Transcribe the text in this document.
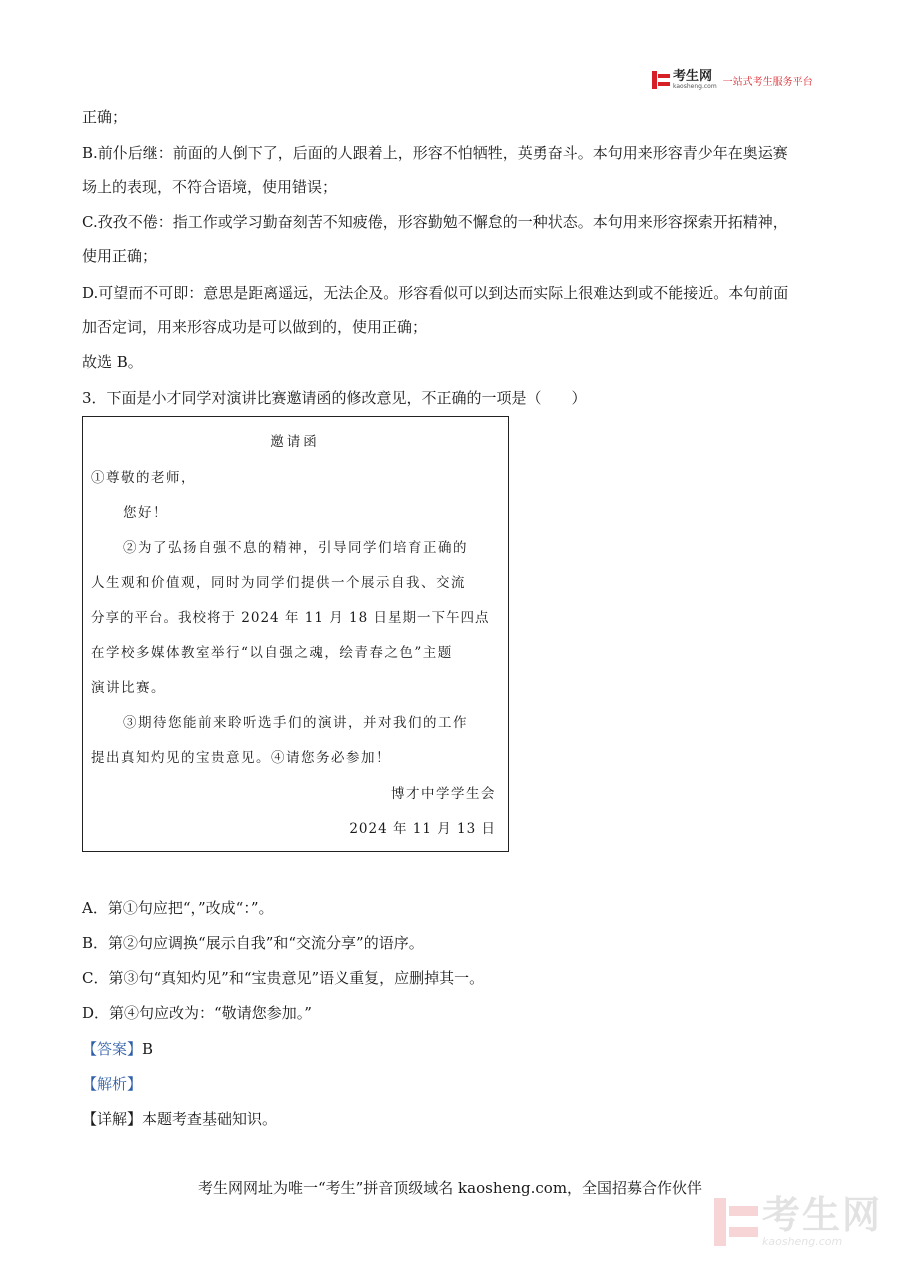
考生网
kaosheng.com 一站式考生服务平台
正确；
B.前仆后继：前面的人倒下了，后面的人跟着上，形容不怕牺牲，英勇奋斗。本句用来形容青少年在奥运赛
场上的表现，不符合语境，使用错误；
C.孜孜不倦：指工作或学习勤奋刻苦不知疲倦，形容勤勉不懈怠的一种状态。本句用来形容探索开拓精神，
使用正确；
D.可望而不可即：意思是距离遥远，无法企及。形容看似可以到达而实际上很难达到或不能接近。本句前面
加否定词，用来形容成功是可以做到的，使用正确；
故选 B。
3．下面是小才同学对演讲比赛邀请函的修改意见，不正确的一项是（　　）
邀请函
①尊敬的老师，
您好！
②为了弘扬自强不息的精神，引导同学们培育正确的
人生观和价值观，同时为同学们提供一个展示自我、交流
分享的平台。我校将于 2024 年 11 月 18 日星期一下午四点
在学校多媒体教室举行“以自强之魂，绘青春之色”主题
演讲比赛。
③期待您能前来聆听选手们的演讲，并对我们的工作
提出真知灼见的宝贵意见。④请您务必参加！
博才中学学生会
2024 年 11 月 13 日
A．第①句应把“，”改成“：”。
B．第②句应调换“展示自我”和“交流分享”的语序。
C．第③句“真知灼见”和“宝贵意见”语义重复，应删掉其一。
D．第④句应改为：“敬请您参加。”
【答案】B
【解析】
【详解】本题考查基础知识。
考生网网址为唯一“考生”拼音顶级域名 kaosheng.com，全国招募合作伙伴
考生网
kaosheng.com
